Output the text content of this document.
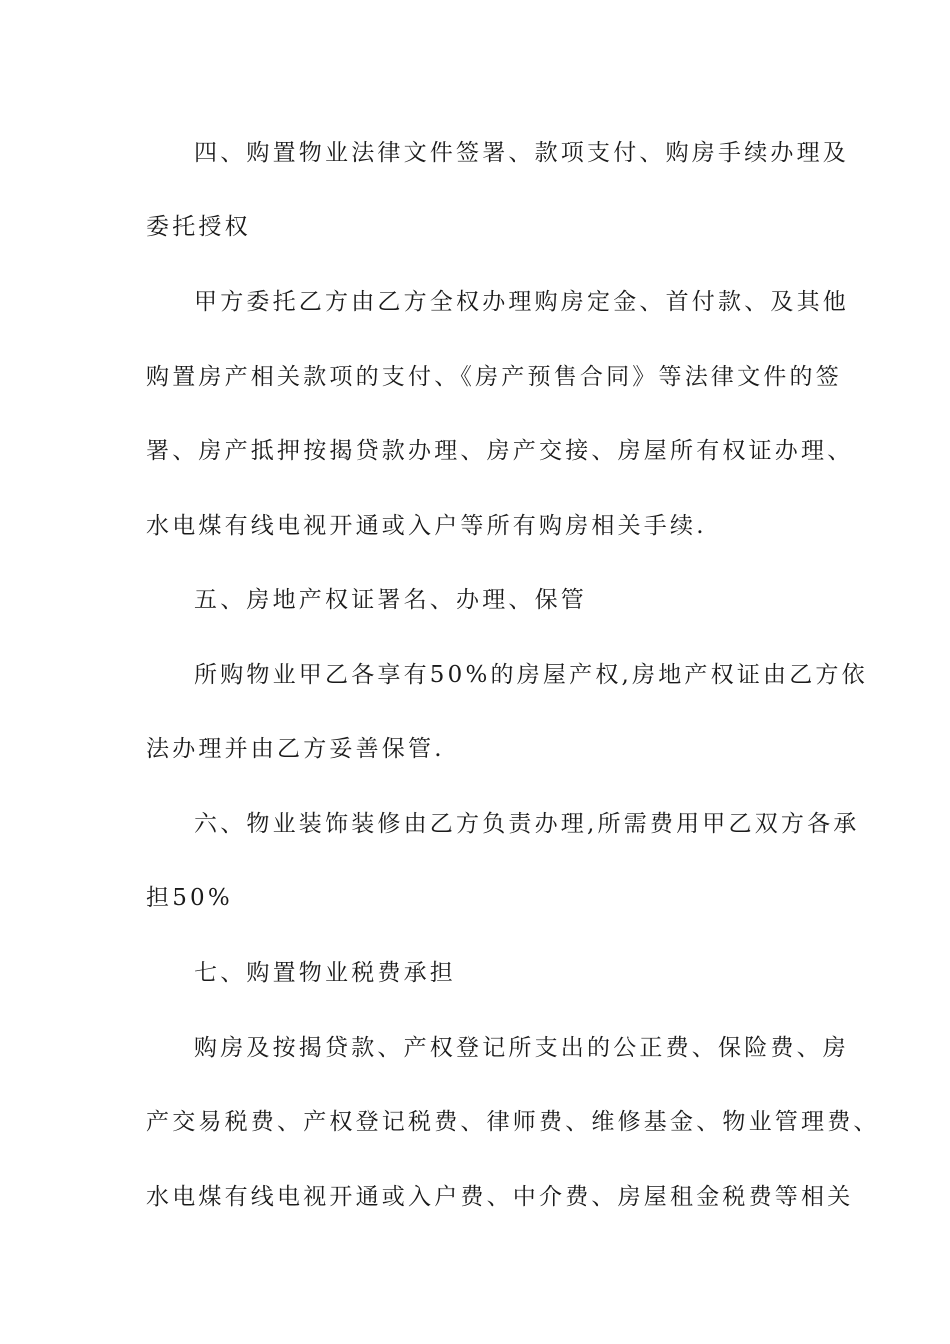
四、购置物业法律文件签署、款项支付、购房手续办理及
委托授权
甲方委托乙方由乙方全权办理购房定金、首付款、及其他
购置房产相关款项的支付、《房产预售合同》等法律文件的签
署、房产抵押按揭贷款办理、房产交接、房屋所有权证办理、
水电煤有线电视开通或入户等所有购房相关手续.
五、房地产权证署名、办理、保管
所购物业甲乙各享有50%的房屋产权,房地产权证由乙方依
法办理并由乙方妥善保管.
六、物业装饰装修由乙方负责办理,所需费用甲乙双方各承
担50%
七、购置物业税费承担
购房及按揭贷款、产权登记所支出的公正费、保险费、房
产交易税费、产权登记税费、律师费、维修基金、物业管理费、
水电煤有线电视开通或入户费、中介费、房屋租金税费等相关
